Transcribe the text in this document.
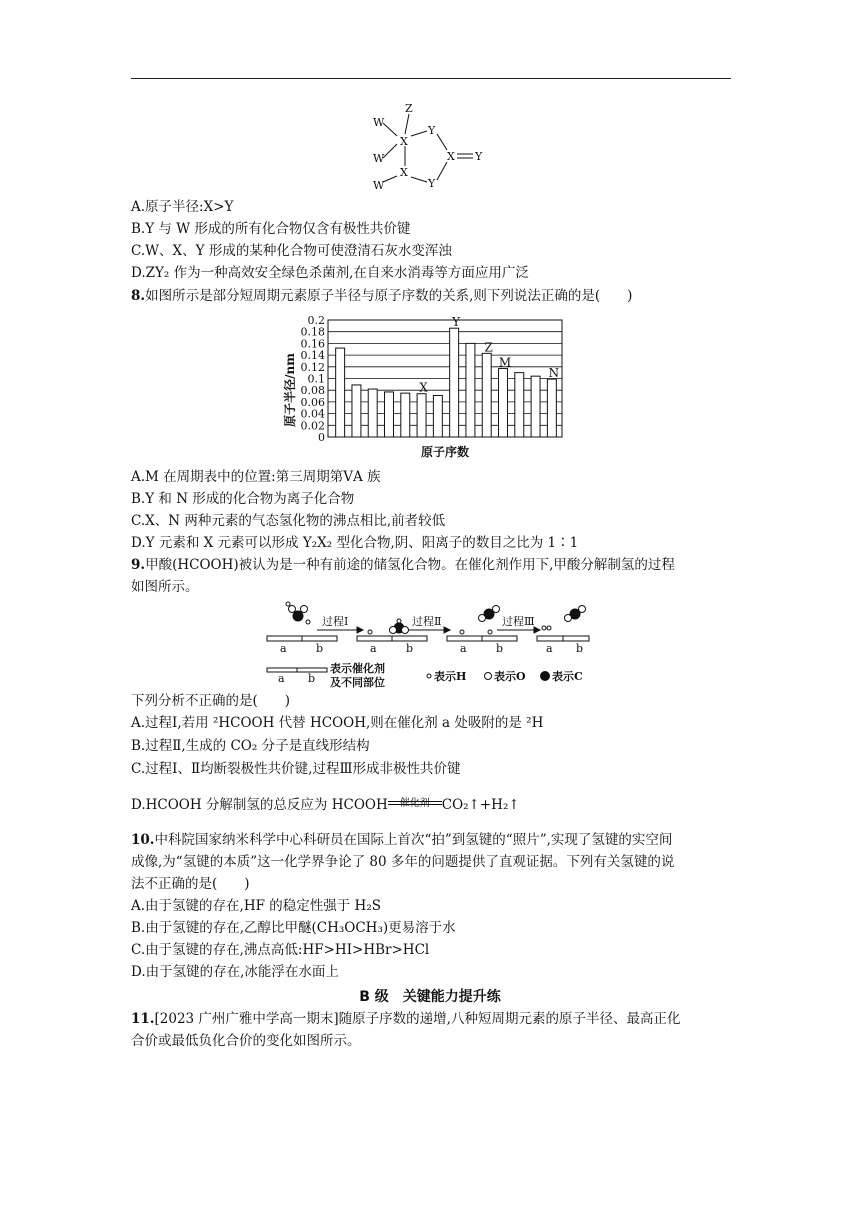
Z
W
X
Y
W	X Y
X
Y
W
A.原子半径:X>Y
B.Y 与 W 形成的所有化合物仅含有极性共价键
C.W、X、Y 形成的某种化合物可使澄清石灰水变浑浊
D.ZY₂ 作为一种高效安全绿色杀菌剂,在自来水消毒等方面应用广泛
8.如图所示是部分短周期元素原子半径与原子序数的关系,则下列说法正确的是(　　)
原子半径/nm
原子序数
0
0.02
0.04
0.06
0.08
0.1
0.12
0.14
0.16
0.18
0.2
X
Y
Z
M
N
A.M 在周期表中的位置:第三周期第ⅤA 族
B.Y 和 N 形成的化合物为离子化合物
C.X、N 两种元素的气态氢化物的沸点相比,前者较低
D.Y 元素和 X 元素可以形成 Y₂X₂ 型化合物,阴、阳离子的数目之比为 1∶1
9.甲酸(HCOOH)被认为是一种有前途的储氢化合物。在催化剂作用下,甲酸分解制氢的过程
如图所示。
过程Ⅰ	过程Ⅱ	过程Ⅲ
a	b	a	b	a	b	a b
a b
表示催化剂
及不同部位	表示H	表示O 表示C
下列分析不正确的是(　　)
A.过程Ⅰ,若用 ²HCOOH 代替 HCOOH,则在催化剂 a 处吸附的是 ²H
B.过程Ⅱ,生成的 CO₂ 分子是直线形结构
C.过程Ⅰ、Ⅱ均断裂极性共价键,过程Ⅲ形成非极性共价键
D.HCOOH 分解制氢的总反应为 HCOOH	催化剂 CO₂↑+H₂↑
10.中科院国家纳米科学中心科研员在国际上首次“拍”到氢键的“照片”,实现了氢键的实空间
成像,为“氢键的本质”这一化学界争论了 80 多年的问题提供了直观证据。下列有关氢键的说
法不正确的是(　　)
A.由于氢键的存在,HF 的稳定性强于 H₂S
B.由于氢键的存在,乙醇比甲醚(CH₃OCH₃)更易溶于水
C.由于氢键的存在,沸点高低:HF>HI>HBr>HCl
D.由于氢键的存在,冰能浮在水面上
B 级　关键能力提升练
11.[2023 广州广雅中学高一期末]随原子序数的递增,八种短周期元素的原子半径、最高正化
合价或最低负化合价的变化如图所示。
